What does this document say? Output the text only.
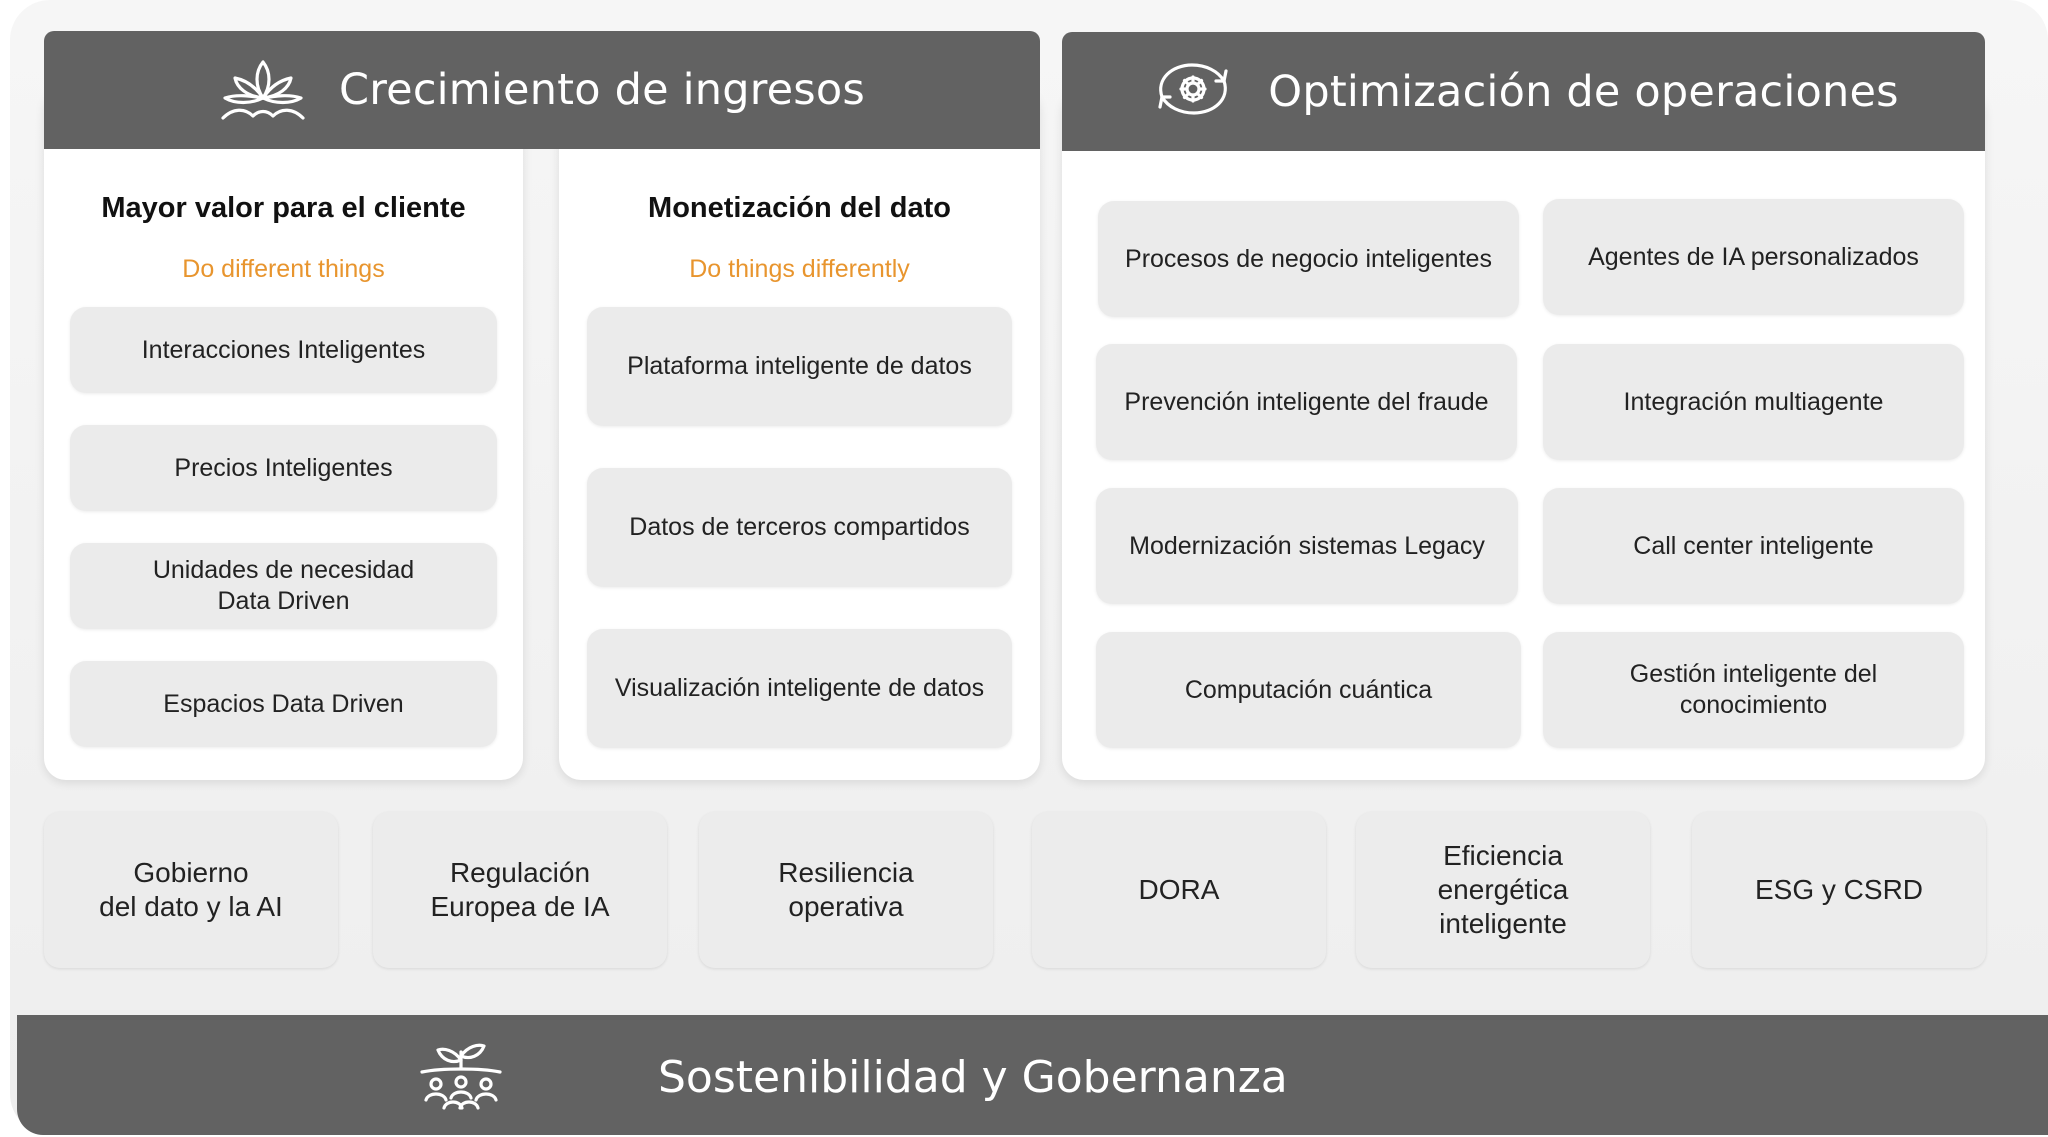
Crecimiento de ingresos
Mayor valor para el cliente
Do different things
Interacciones Inteligentes
Precios Inteligentes
Unidades de necesidad Data Driven
Espacios Data Driven
Monetización del dato
Do things differently
Plataforma inteligente de datos
Datos de terceros compartidos
Visualización inteligente de datos
Optimización de operaciones
Procesos de negocio inteligentes	Agentes de IA personalizados
Prevención inteligente del fraude	Integración multiagente
Modernización sistemas Legacy	Call center inteligente
Computación cuántica
Gestión inteligente del conocimiento
Gobierno
del dato y la AI
Regulación
Europea de IA
Resiliencia
operativa
DORA
Eficiencia
energética
inteligente
ESG y CSRD
Sostenibilidad y Gobernanza
